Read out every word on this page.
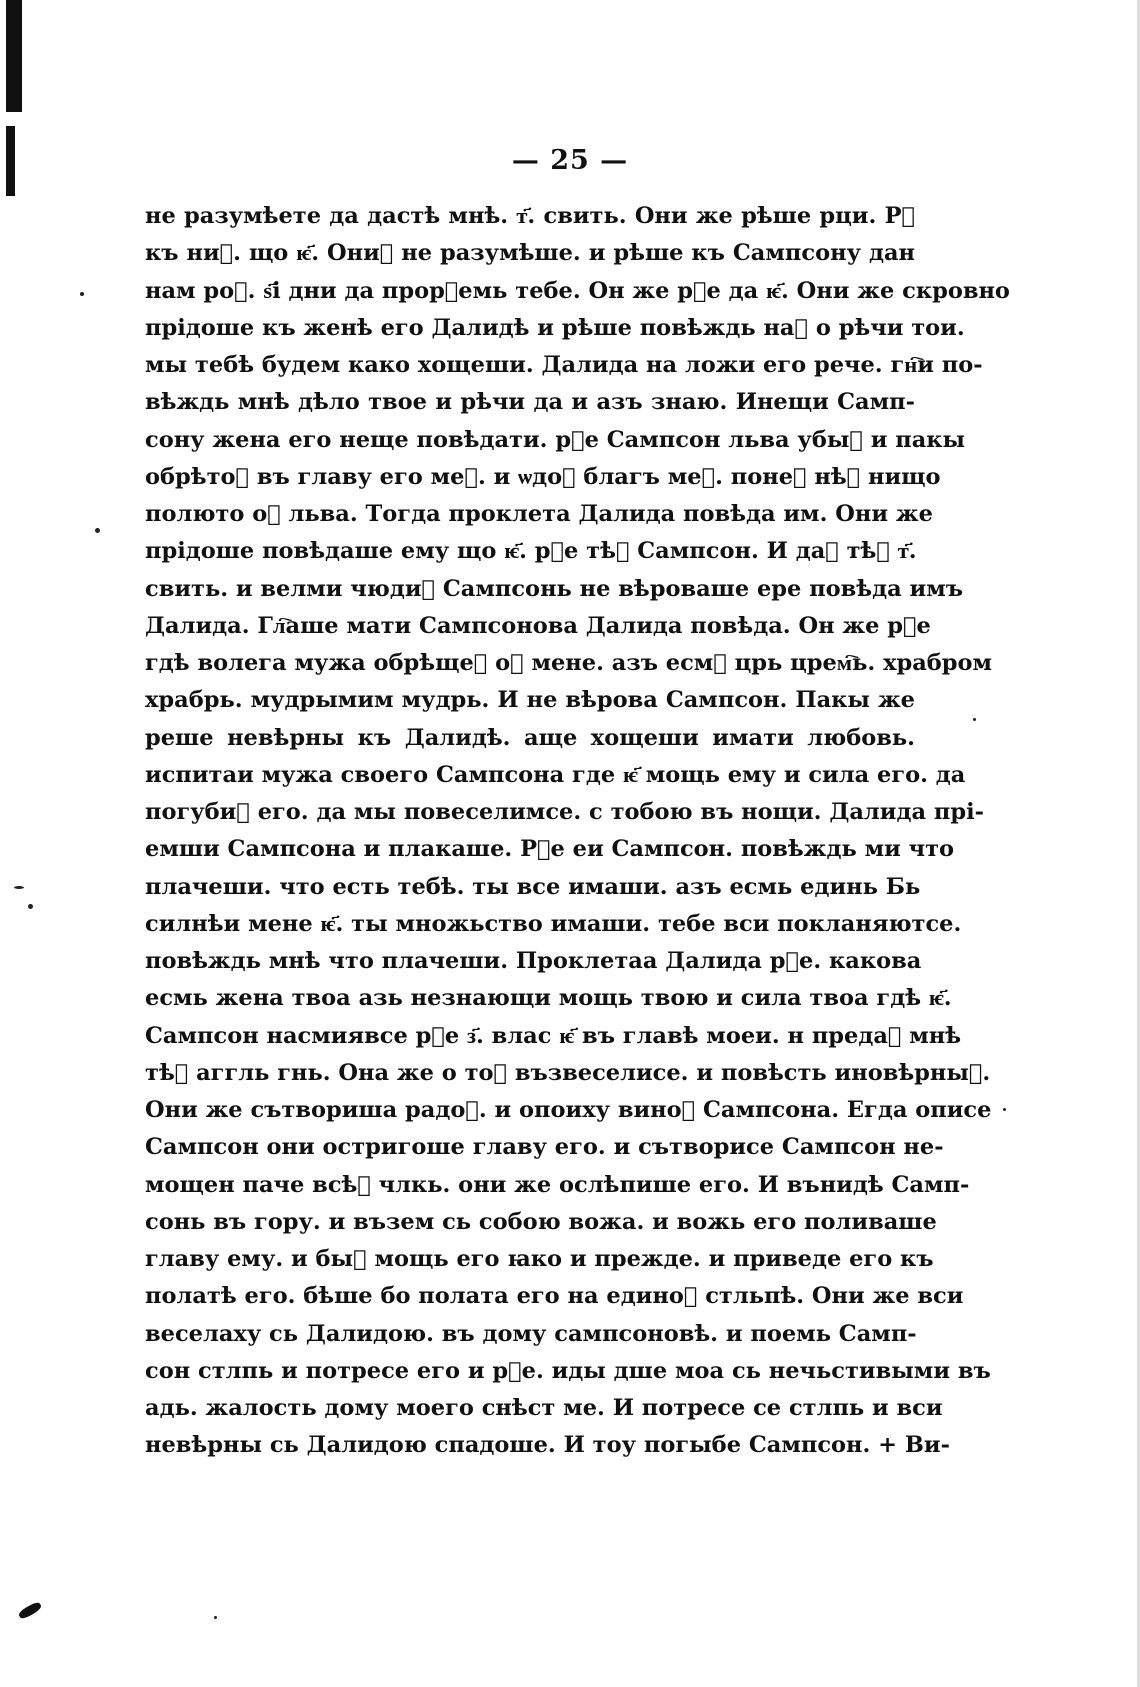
— 25 —
не разумѣете да дастѣ мнѣ. т҃. свить. Они же рѣше рци. Рⷺ
къ ниⷨ. що ѥ҃. Ониⷨ не разумѣше. и рѣше къ Сампсону дан
нам роⷯ. ѕ҃і дни да прорⷺемь тебе. Он же рⷺе да ѥ҃. Они же скровно
прідоше къ женѣ его Далидѣ и рѣше повѣждь наⷨ о рѣчи тои.
мы тебѣ будем како хощеши. Далида на ложи его рече. гн҇и по-
вѣждь мнѣ дѣло твое и рѣчи да и азъ знаю. Инещи Самп-
сону жена его неще повѣдати. рⷺе Сампсон льва убыⷯ и пакы
обрѣтоⷯ въ главу его меⷣ. и ѡдоⷯ благъ меⷣ. понеⷤ нѣⷭ нищо
полюто оⷮ льва. Тогда проклета Далида повѣда им. Они же
прідоше повѣдаше ему що ѥ҃. рⷺе тѣⷨ Сампсон. И даⷭ тѣⷨ т҃.
свить. и велми чюдиⷭ Сампсонь не вѣроваше ере повѣда имъ
Далида. Гл҇аше мати Сампсонова Далида повѣда. Он же рⷺе
гдѣ волега мужа обрѣщеⷮ оⷮ мене. азъ есмⷭ црь црем҇ь. храбром
храбрь. мудрымим мудрь. И не вѣрова Сампсон. Пакы же
реше невѣрны къ Далидѣ. аще хощеши имати любовь.
испитаи мужа своего Сампсона где ѥ҃ мощь ему и сила его. да
погубиⷨ его. да мы повеселимсе. с тобою въ нощи. Далида прі-
емши Сампсона и плакаше. Рⷺе еи Сампсон. повѣждь ми что
плачеши. что есть тебѣ. ты все имаши. азъ есмь единь Бь
силнѣи мене ѥ҃. ты множьство имаши. тебе вси покланяютсе.
повѣждь мнѣ что плачеши. Проклетаа Далида рⷺе. какова
есмь жена твоа азь незнающи мощь твою и сила твоа гдѣ ѥ҃.
Сампсон насмиявсе рⷺе з҃. влас ѥ҃ въ главѣ моеи. н предаⷭ мнѣ
тѣⷯ аггль гнь. Она же о тоⷨ възвеселисе. и повѣсть иновѣрныⷨ.
Они же сътвориша радоⷭ. и опоиху виноⷨ Сампсона. Егда описе
Сампсон они остригоше главу его. и сътворисе Сампсон не-
мощен паче всѣⷯ члкь. они же ослѣпише его. И вънидѣ Самп-
сонь въ гору. и възем сь собою вожа. и вожь его поливаше
главу ему. и быⷭ мощь его ꙗко и прежде. и приведе его къ
полатѣ его. бѣше бо полата его на единоⷨ стльпѣ. Они же вси
веселаху сь Далидою. въ дому сампсоновѣ. и поемь Самп-
сон стлпь и потресе его и рⷺе. иды дше моа сь нечьстивыми въ
адь. жалость дому моего снѣст ме. И потресе се стлпь и вси
невѣрны сь Далидою спадоше. И тоу погыбе Сампсон. + Ви-
